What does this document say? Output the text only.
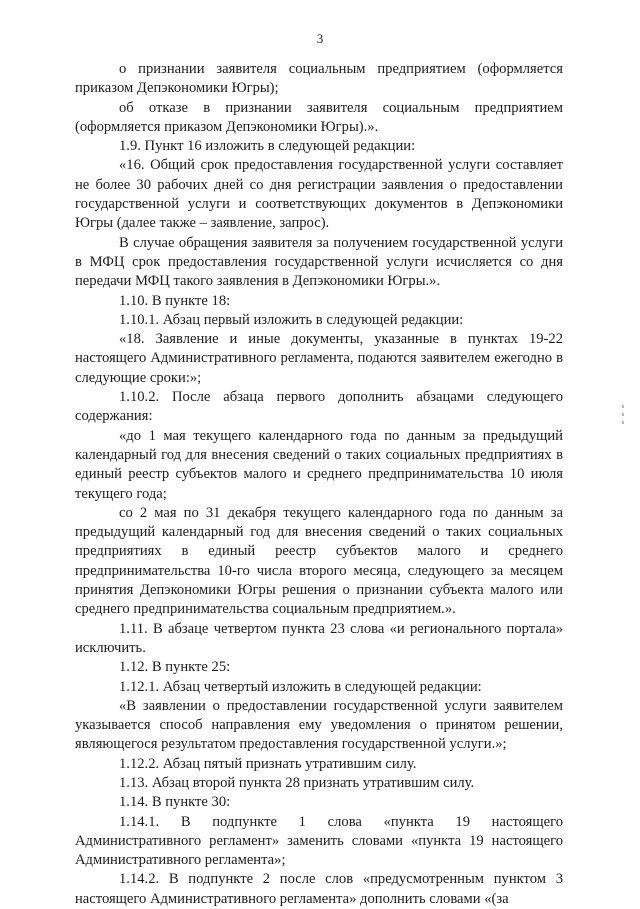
3

о признании заявителя социальным предприятием (оформляется приказом Депэкономики Югры);

об отказе в признании заявителя социальным предприятием (оформляется приказом Депэкономики Югры).».

1.9. Пункт 16 изложить в следующей редакции:

«16. Общий срок предоставления государственной услуги составляет не более 30 рабочих дней со дня регистрации заявления о предоставлении государственной услуги и соответствующих документов в Депэкономики Югры (далее также – заявление, запрос).

В случае обращения заявителя за получением государственной услуги в МФЦ срок предоставления государственной услуги исчисляется со дня передачи МФЦ такого заявления в Депэкономики Югры.».

1.10. В пункте 18:

1.10.1. Абзац первый изложить в следующей редакции:

«18. Заявление и иные документы, указанные в пунктах 19-22 настоящего Административного регламента, подаются заявителем ежегодно в следующие сроки:»;

1.10.2. После абзаца первого дополнить абзацами следующего содержания:

«до 1 мая текущего календарного года по данным за предыдущий календарный год для внесения сведений о таких социальных предприятиях в единый реестр субъектов малого и среднего предпринимательства 10 июля текущего года;

со 2 мая по 31 декабря текущего календарного года по данным за предыдущий календарный год для внесения сведений о таких социальных предприятиях в единый реестр субъектов малого и среднего предпринимательства 10-го числа второго месяца, следующего за месяцем принятия Депэкономики Югры решения о признании субъекта малого или среднего предпринимательства социальным предприятием.».

1.11. В абзаце четвертом пункта 23 слова «и регионального портала» исключить.

1.12. В пункте 25:

1.12.1. Абзац четвертый изложить в следующей редакции:

«В заявлении о предоставлении государственной услуги заявителем указывается способ направления ему уведомления о принятом решении, являющегося результатом предоставления государственной услуги.»;

1.12.2. Абзац пятый признать утратившим силу.

1.13. Абзац второй пункта 28 признать утратившим силу.

1.14. В пункте 30:

1.14.1. В подпункте 1 слова «пункта 19 настоящего Административного регламент» заменить словами «пункта 19 настоящего Административного регламента»;

1.14.2. В подпункте 2 после слов «предусмотренным пунктом 3 настоящего Административного регламента» дополнить словами «(за
